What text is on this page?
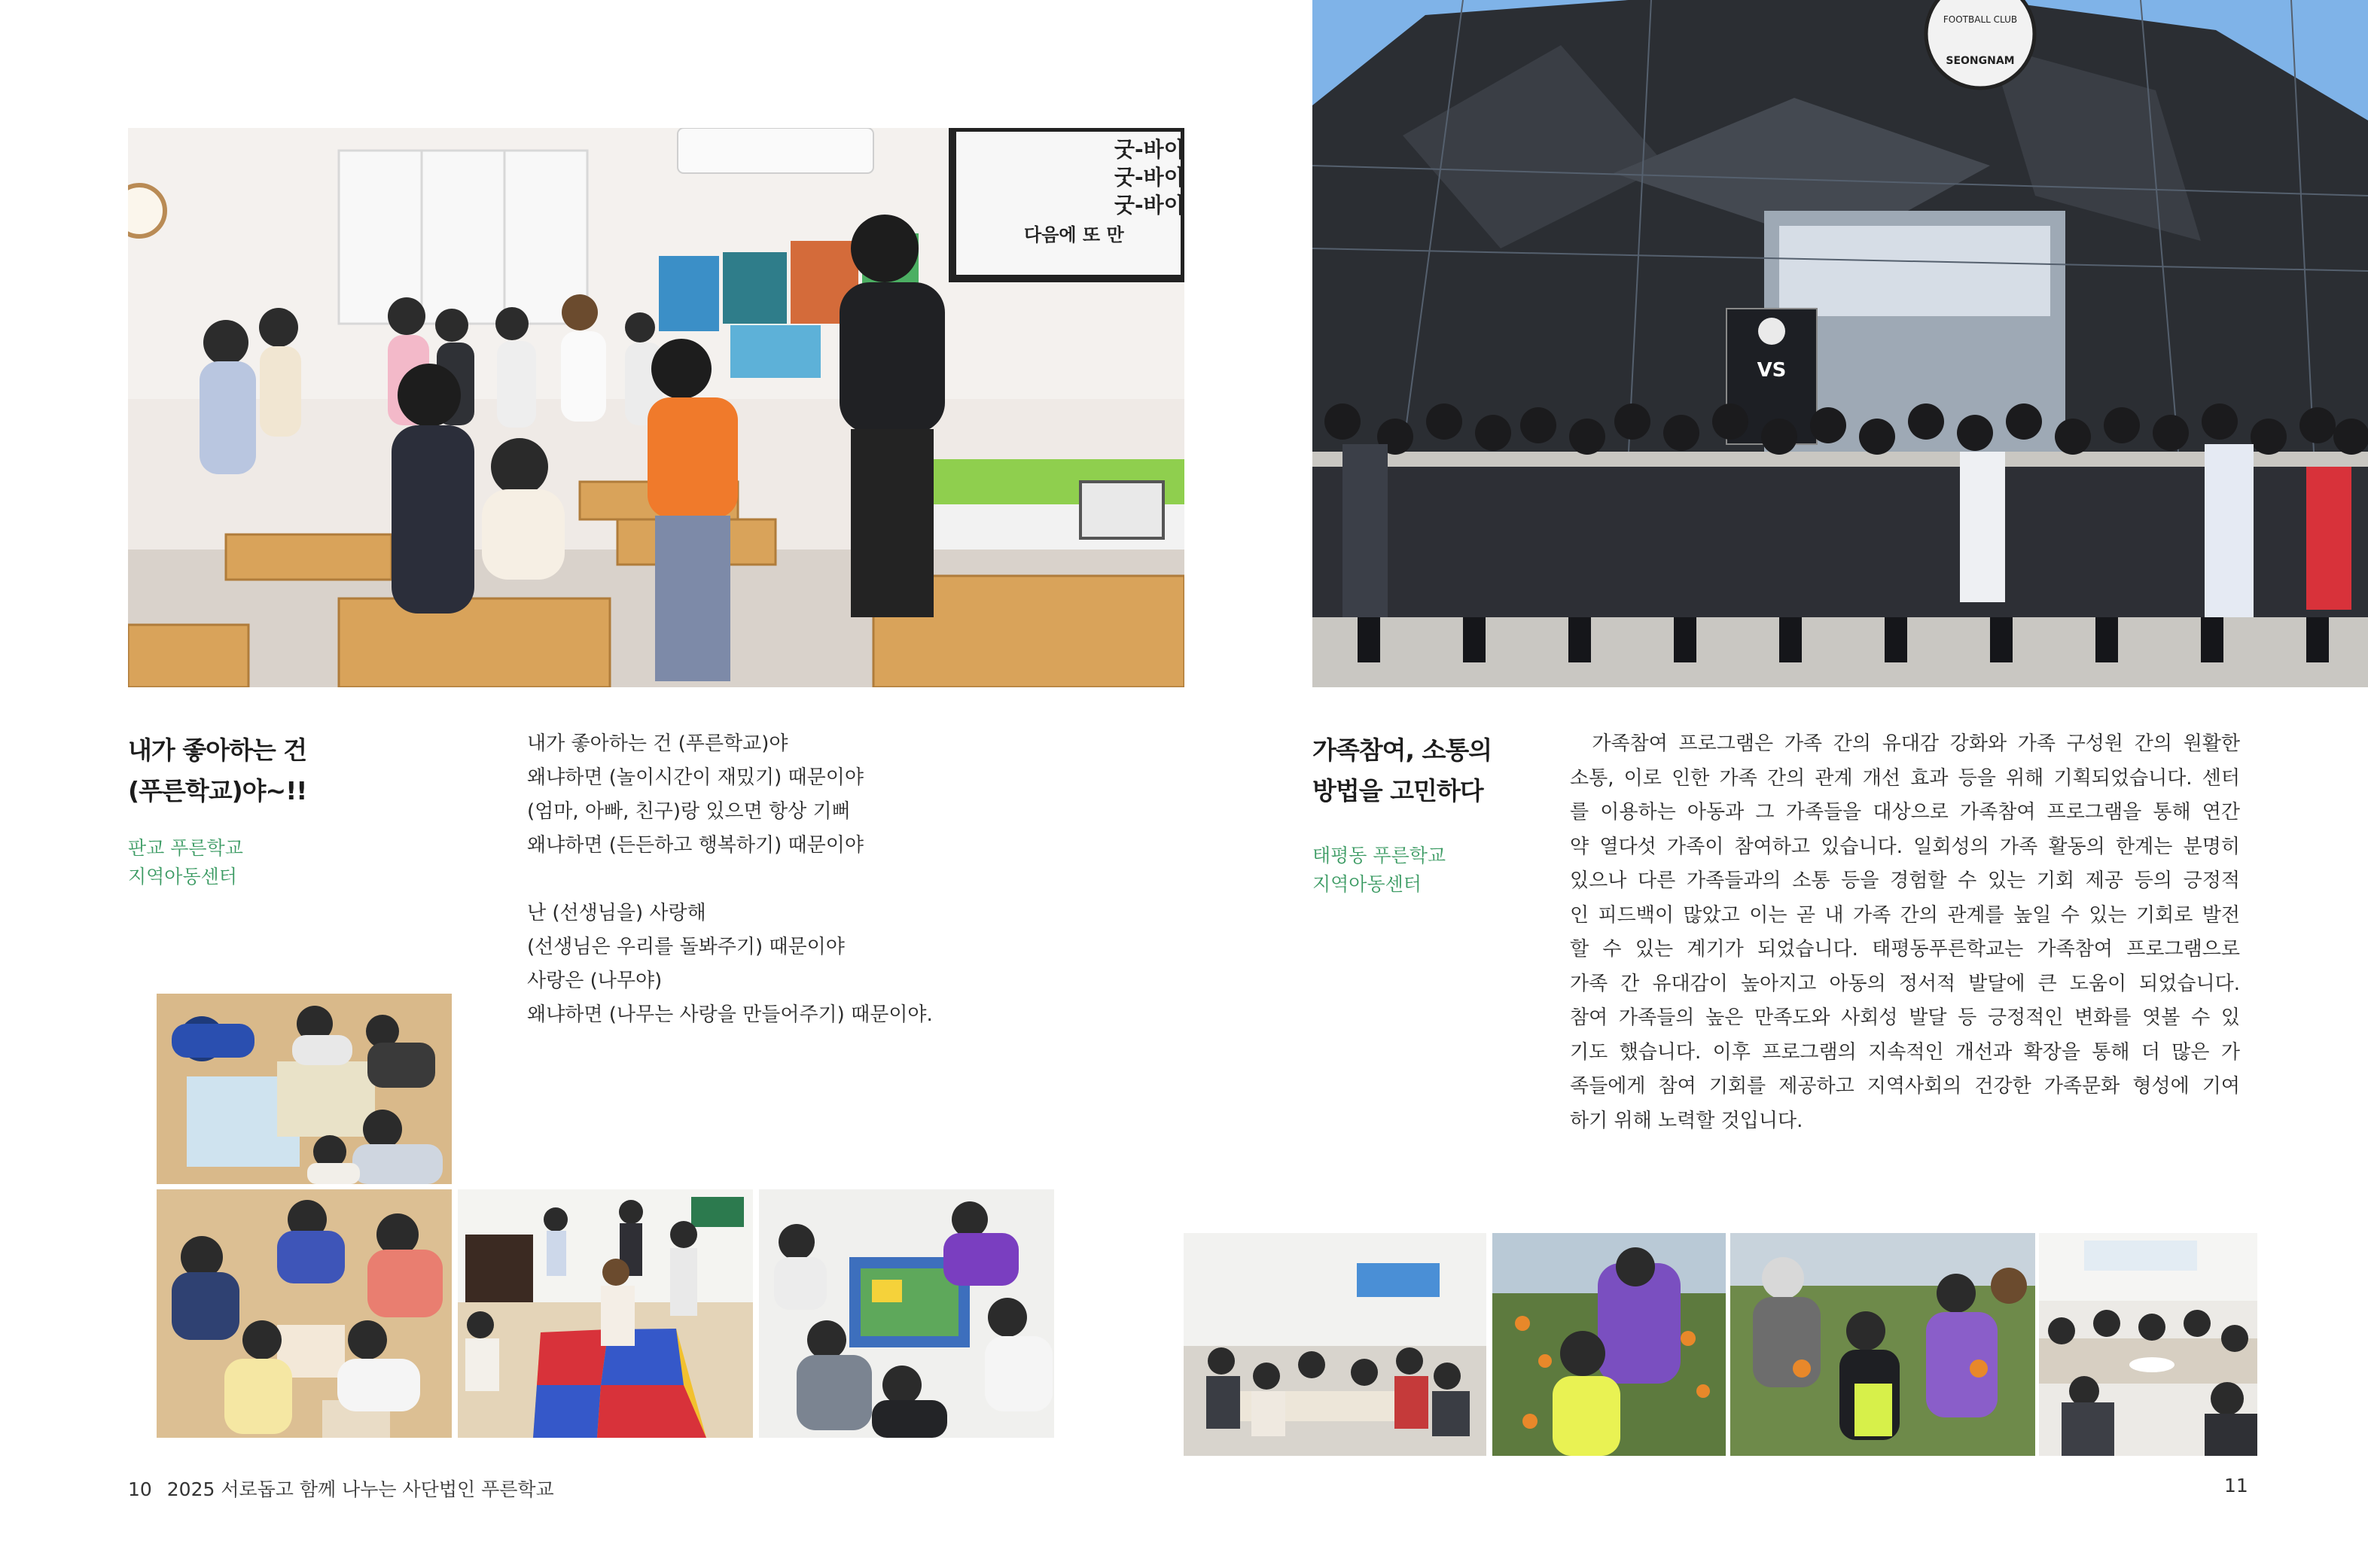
굿-바이
굿-바이
굿-바이
다음에 또 만
내가 좋아하는 건
(푸른학교)야~!!
판교 푸른학교
지역아동센터
내가 좋아하는 건 (푸른학교)야
왜냐하면 (놀이시간이 재밌기) 때문이야
(엄마, 아빠, 친구)랑 있으면 항상 기뻐
왜냐하면 (든든하고 행복하기) 때문이야
난 (선생님을) 사랑해
(선생님은 우리를 돌봐주기) 때문이야
사랑은 (나무야)
왜냐하면 (나무는 사랑을 만들어주기) 때문이야.
10 2025 서로돕고 함께 나누는 사단법인 푸른학교
FOOTBALL CLUB
SEONGNAM
VS
가족참여, 소통의
방법을 고민하다
태평동 푸른학교
지역아동센터
가족참여 프로그램은 가족 간의 유대감 강화와 가족 구성원 간의 원활한
소통, 이로 인한 가족 간의 관계 개선 효과 등을 위해 기획되었습니다. 센터
를 이용하는 아동과 그 가족들을 대상으로 가족참여 프로그램을 통해 연간
약 열다섯 가족이 참여하고 있습니다. 일회성의 가족 활동의 한계는 분명히
있으나 다른 가족들과의 소통 등을 경험할 수 있는 기회 제공 등의 긍정적
인 피드백이 많았고 이는 곧 내 가족 간의 관계를 높일 수 있는 기회로 발전
할 수 있는 계기가 되었습니다. 태평동푸른학교는 가족참여 프로그램으로
가족 간 유대감이 높아지고 아동의 정서적 발달에 큰 도움이 되었습니다.
참여 가족들의 높은 만족도와 사회성 발달 등 긍정적인 변화를 엿볼 수 있
기도 했습니다. 이후 프로그램의 지속적인 개선과 확장을 통해 더 많은 가
족들에게 참여 기회를 제공하고 지역사회의 건강한 가족문화 형성에 기여
하기 위해 노력할 것입니다.
11
